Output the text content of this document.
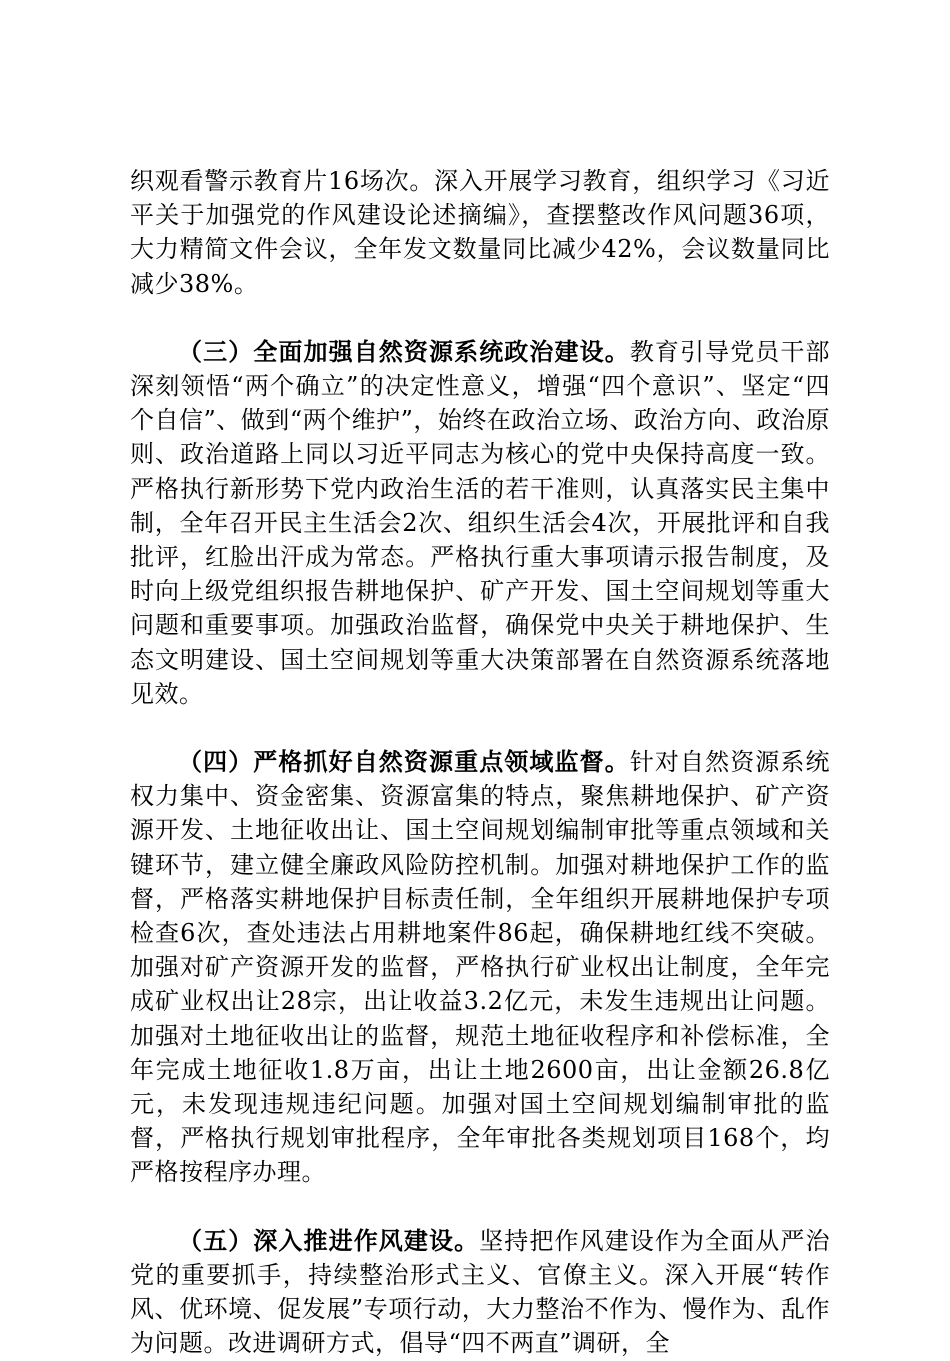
织观看警示教育片16场次。深入开展学习教育，组织学习《习近平关于加强党的作风建设论述摘编》，查摆整改作风问题36项，大力精简文件会议，全年发文数量同比减少42%，会议数量同比减少38%。

（三）全面加强自然资源系统政治建设。教育引导党员干部深刻领悟“两个确立”的决定性意义，增强“四个意识”、坚定“四个自信”、做到“两个维护”，始终在政治立场、政治方向、政治原则、政治道路上同以习近平同志为核心的党中央保持高度一致。严格执行新形势下党内政治生活的若干准则，认真落实民主集中制，全年召开民主生活会2次、组织生活会4次，开展批评和自我批评，红脸出汗成为常态。严格执行重大事项请示报告制度，及时向上级党组织报告耕地保护、矿产开发、国土空间规划等重大问题和重要事项。加强政治监督，确保党中央关于耕地保护、生态文明建设、国土空间规划等重大决策部署在自然资源系统落地见效。

（四）严格抓好自然资源重点领域监督。针对自然资源系统权力集中、资金密集、资源富集的特点，聚焦耕地保护、矿产资源开发、土地征收出让、国土空间规划编制审批等重点领域和关键环节，建立健全廉政风险防控机制。加强对耕地保护工作的监督，严格落实耕地保护目标责任制，全年组织开展耕地保护专项检查6次，查处违法占用耕地案件86起，确保耕地红线不突破。加强对矿产资源开发的监督，严格执行矿业权出让制度，全年完成矿业权出让28宗，出让收益3.2亿元，未发生违规出让问题。加强对土地征收出让的监督，规范土地征收程序和补偿标准，全年完成土地征收1.8万亩，出让土地2600亩，出让金额26.8亿元，未发现违规违纪问题。加强对国土空间规划编制审批的监督，严格执行规划审批程序，全年审批各类规划项目168个，均严格按程序办理。

（五）深入推进作风建设。坚持把作风建设作为全面从严治党的重要抓手，持续整治形式主义、官僚主义。深入开展“转作风、优环境、促发展”专项行动，大力整治不作为、慢作为、乱作为问题。改进调研方式，倡导“四不两直”调研，全
